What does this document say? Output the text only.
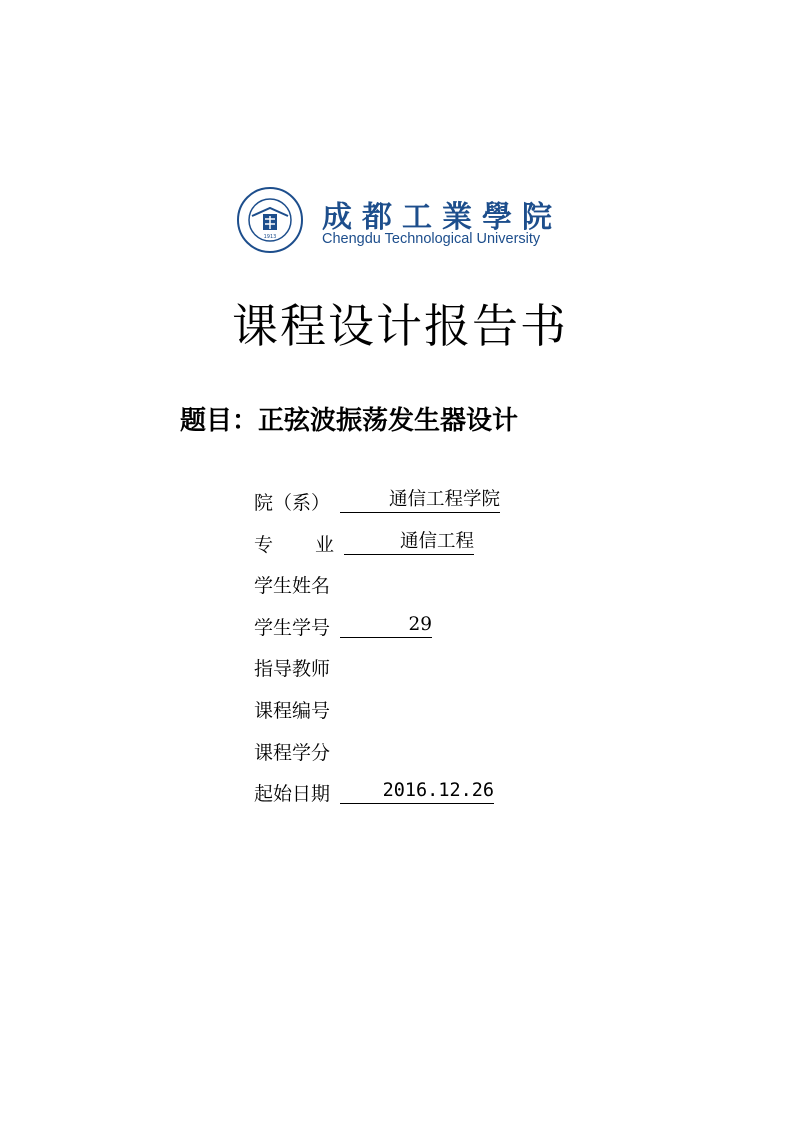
1913
成都工業學院
Chengdu Technological University
课程设计报告书
题目：正弦波振荡发生器设计
院（系）	通信工程学院
专 业	通信工程
学生姓名
学生学号	29
指导教师
课程编号
课程学分
起始日期	2016.12.26
